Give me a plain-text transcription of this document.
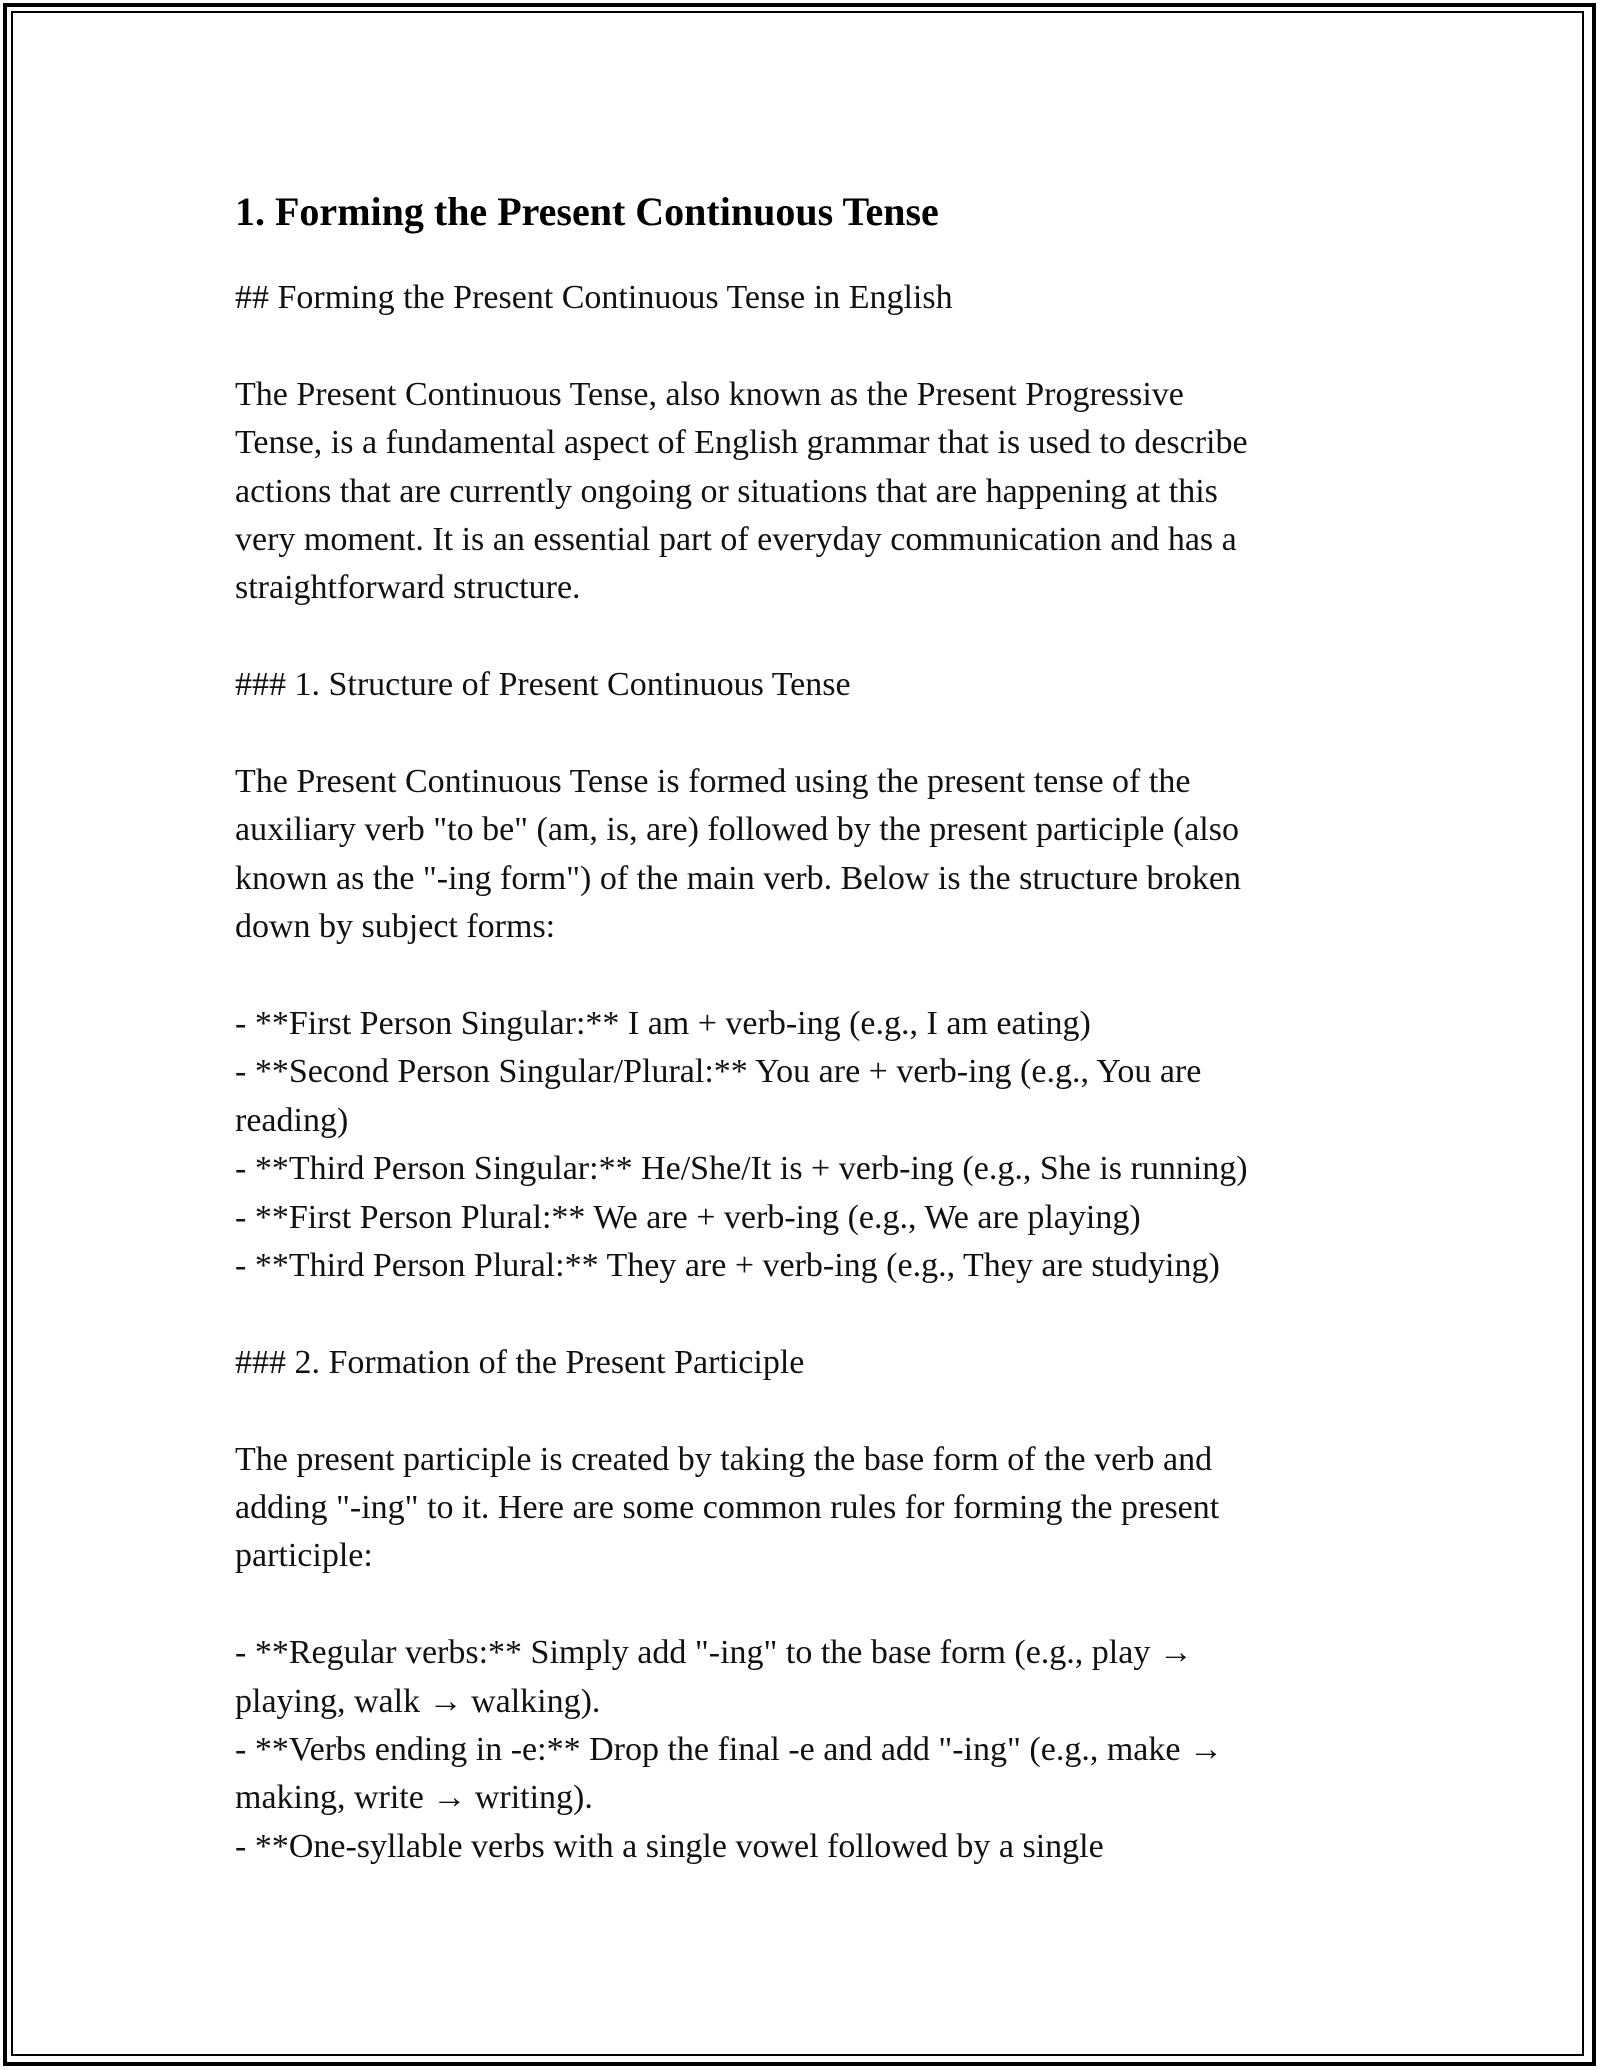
1. Forming the Present Continuous Tense

## Forming the Present Continuous Tense in English

The Present Continuous Tense, also known as the Present Progressive

Tense, is a fundamental aspect of English grammar that is used to describe

actions that are currently ongoing or situations that are happening at this

very moment. It is an essential part of everyday communication and has a

straightforward structure.

### 1. Structure of Present Continuous Tense

The Present Continuous Tense is formed using the present tense of the

auxiliary verb "to be" (am, is, are) followed by the present participle (also

known as the "-ing form") of the main verb. Below is the structure broken

down by subject forms:

- **First Person Singular:** I am + verb-ing (e.g., I am eating)

- **Second Person Singular/Plural:** You are + verb-ing (e.g., You are

reading)

- **Third Person Singular:** He/She/It is + verb-ing (e.g., She is running)

- **First Person Plural:** We are + verb-ing (e.g., We are playing)

- **Third Person Plural:** They are + verb-ing (e.g., They are studying)

### 2. Formation of the Present Participle

The present participle is created by taking the base form of the verb and

adding "-ing" to it. Here are some common rules for forming the present

participle:

- **Regular verbs:** Simply add "-ing" to the base form (e.g., play →

playing, walk → walking).

- **Verbs ending in -e:** Drop the final -e and add "-ing" (e.g., make →

making, write → writing).

- **One-syllable verbs with a single vowel followed by a single
